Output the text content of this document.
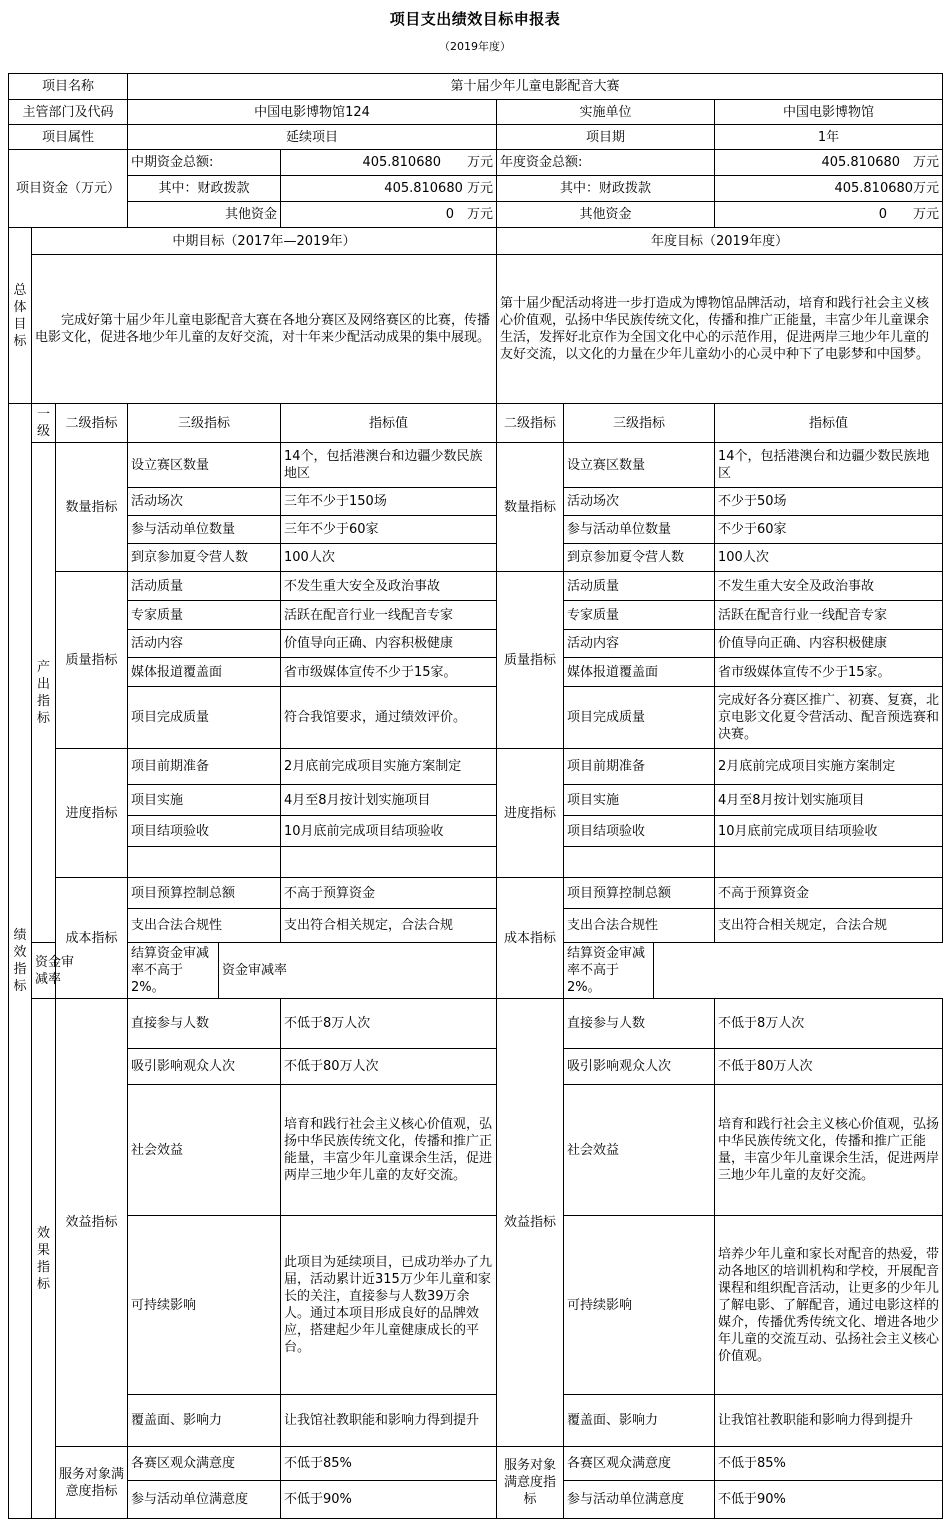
项目支出绩效目标申报表
（2019年度）
项目名称			第十届少年儿童电影配音大赛					
主管部门及代码			中国电影博物馆124			实施单位		中国电影博物馆
项目属性			延续项目			项目期		1年
项目资金（万元）			中期资金总额:		405.810680　　万元	年度资金总额:		405.810680　万元
			其中：财政拨款		405.810680 万元	其中：财政拨款		405.810680万元
			其他资金		0　万元	其他资金		0　　万元
总体目标	中期目标（2017年—2019年）					年度目标（2019年度）		
	完成好第十届少年儿童电影配音大赛在各地分赛区及网络赛区的比赛，传播电影文化，促进各地少年儿童的友好交流，对十年来少配活动成果的集中展现。					第十届少配活动将进一步打造成为博物馆品牌活动，培育和践行社会主义核心价值观，弘扬中华民族传统文化，传播和推广正能量，丰富少年儿童课余生活，发挥好北京作为全国文化中心的示范作用，促进两岸三地少年儿童的友好交流，以文化的力量在少年儿童幼小的心灵中种下了电影梦和中国梦。		
绩效指标	一级	二级指标	三级指标		指标值	二级指标	三级指标	指标值
	产出指标	数量指标	设立赛区数量		14个，包括港澳台和边疆少数民族地区	数量指标	设立赛区数量	14个，包括港澳台和边疆少数民族地区
			活动场次		三年不少于150场		活动场次	不少于50场
			参与活动单位数量		三年不少于60家		参与活动单位数量	不少于60家
			到京参加夏令营人数		100人次		到京参加夏令营人数	100人次
		质量指标	活动质量		不发生重大安全及政治事故	质量指标	活动质量	不发生重大安全及政治事故
			专家质量		活跃在配音行业一线配音专家		专家质量	活跃在配音行业一线配音专家
			活动内容		价值导向正确、内容积极健康		活动内容	价值导向正确、内容积极健康
			媒体报道覆盖面		省市级媒体宣传不少于15家。		媒体报道覆盖面	省市级媒体宣传不少于15家。
			项目完成质量		符合我馆要求，通过绩效评价。		项目完成质量	完成好各分赛区推广、初赛、复赛，北京电影文化夏令营活动、配音预选赛和决赛。
		进度指标	项目前期准备		2月底前完成项目实施方案制定	进度指标	项目前期准备	2月底前完成项目实施方案制定
			项目实施		4月至8月按计划实施项目		项目实施	4月至8月按计划实施项目
			项目结项验收		10月底前完成项目结项验收		项目结项验收	10月底前完成项目结项验收

		成本指标	项目预算控制总额		不高于预算资金	成本指标	项目预算控制总额	不高于预算资金
			支出合法合规性		支出符合相关规定，合法合规		支出合法合规性	支出符合相关规定，合法合规
	资金审减率		结算资金审减率不高于2%。	资金审减率			结算资金审减率不高于2%。	
	效果指标	效益指标	直接参与人数		不低于8万人次	效益指标	直接参与人数	不低于8万人次
			吸引影响观众人次		不低于80万人次		吸引影响观众人次	不低于80万人次
			社会效益		培育和践行社会主义核心价值观，弘扬中华民族传统文化，传播和推广正能量，丰富少年儿童课余生活，促进两岸三地少年儿童的友好交流。		社会效益	培育和践行社会主义核心价值观，弘扬中华民族传统文化，传播和推广正能量，丰富少年儿童课余生活，促进两岸三地少年儿童的友好交流。
			可持续影响		此项目为延续项目，已成功举办了九届，活动累计近315万少年儿童和家长的关注，直接参与人数39万余人。通过本项目形成良好的品牌效应，搭建起少年儿童健康成长的平台。		可持续影响	培养少年儿童和家长对配音的热爱，带动各地区的培训机构和学校，开展配音课程和组织配音活动，让更多的少年儿了解电影、了解配音，通过电影这样的媒介，传播优秀传统文化、增进各地少年儿童的交流互动、弘扬社会主义核心价值观。
			覆盖面、影响力		让我馆社教职能和影响力得到提升		覆盖面、影响力	让我馆社教职能和影响力得到提升
		服务对象满意度指标	各赛区观众满意度		不低于85%	服务对象满意度指标	各赛区观众满意度	不低于85%
			参与活动单位满意度		不低于90%		参与活动单位满意度	不低于90%
